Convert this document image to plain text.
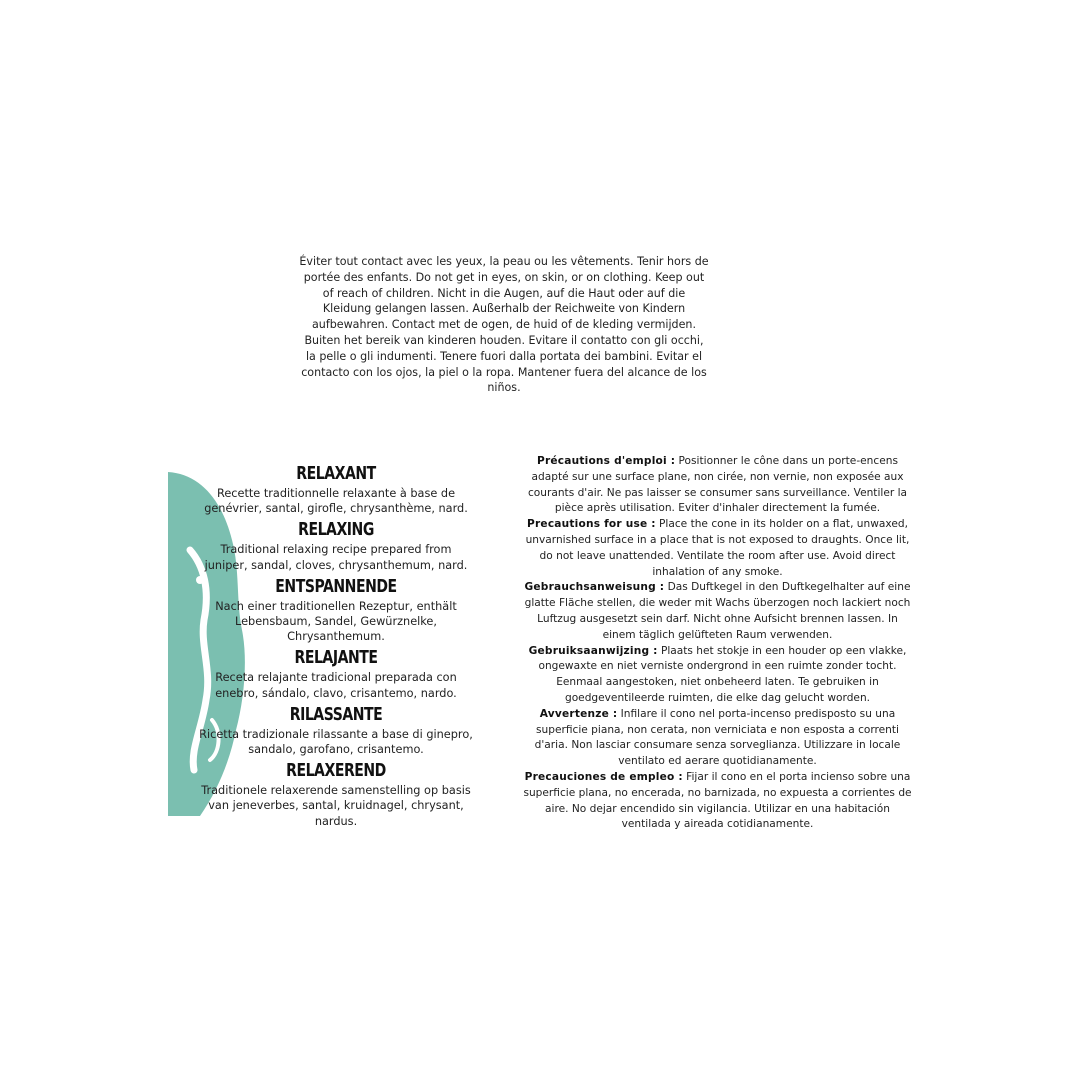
Éviter tout contact avec les yeux, la peau ou les vêtements. Tenir hors de portée des enfants. Do not get in eyes, on skin, or on clothing. Keep out of reach of children. Nicht in die Augen, auf die Haut oder auf die Kleidung gelangen lassen. Außerhalb der Reichweite von Kindern aufbewahren. Contact met de ogen, de huid of de kleding vermijden. Buiten het bereik van kinderen houden. Evitare il contatto con gli occhi, la pelle o gli indumenti. Tenere fuori dalla portata dei bambini. Evitar el contacto con los ojos, la piel o la ropa. Mantener fuera del alcance de los niños.
RELAXANT

Recette traditionnelle relaxante à base de genévrier, santal, girofle, chrysanthème, nard.

RELAXING

Traditional relaxing recipe prepared from juniper, sandal, cloves, chrysanthemum, nard.

ENTSPANNENDE

Nach einer traditionellen Rezeptur, enthält Lebensbaum, Sandel, Gewürznelke, Chrysanthemum.

RELAJANTE

Receta relajante tradicional preparada con enebro, sándalo, clavo, crisantemo, nardo.

RILASSANTE

Ricetta tradizionale rilassante a base di ginepro, sandalo, garofano, crisantemo.

RELAXEREND

Traditionele relaxerende samenstelling op basis van jeneverbes, santal, kruidnagel, chrysant, nardus.

Précautions d'emploi : Positionner le cône dans un porte-encens adapté sur une surface plane, non cirée, non vernie, non exposée aux courants d'air. Ne pas laisser se consumer sans surveillance. Ventiler la pièce après utilisation. Eviter d'inhaler directement la fumée.

Precautions for use : Place the cone in its holder on a flat, unwaxed, unvarnished surface in a place that is not exposed to draughts. Once lit, do not leave unattended. Ventilate the room after use. Avoid direct inhalation of any smoke.

Gebrauchsanweisung : Das Duftkegel in den Duftkegelhalter auf eine glatte Fläche stellen, die weder mit Wachs überzogen noch lackiert noch Luftzug ausgesetzt sein darf. Nicht ohne Aufsicht brennen lassen. In einem täglich gelüfteten Raum verwenden.

Gebruiksaanwijzing : Plaats het stokje in een houder op een vlakke, ongewaxte en niet verniste ondergrond in een ruimte zonder tocht. Eenmaal aangestoken, niet onbeheerd laten. Te gebruiken in goedgeventileerde ruimten, die elke dag gelucht worden.

Avvertenze : Infilare il cono nel porta-incenso predisposto su una superficie piana, non cerata, non verniciata e non esposta a correnti d'aria. Non lasciar consumare senza sorveglianza. Utilizzare in locale ventilato ed aerare quotidianamente.

Precauciones de empleo : Fijar il cono en el porta incienso sobre una superficie plana, no encerada, no barnizada, no expuesta a corrientes de aire. No dejar encendido sin vigilancia. Utilizar en una habitación ventilada y aireada cotidianamente.
